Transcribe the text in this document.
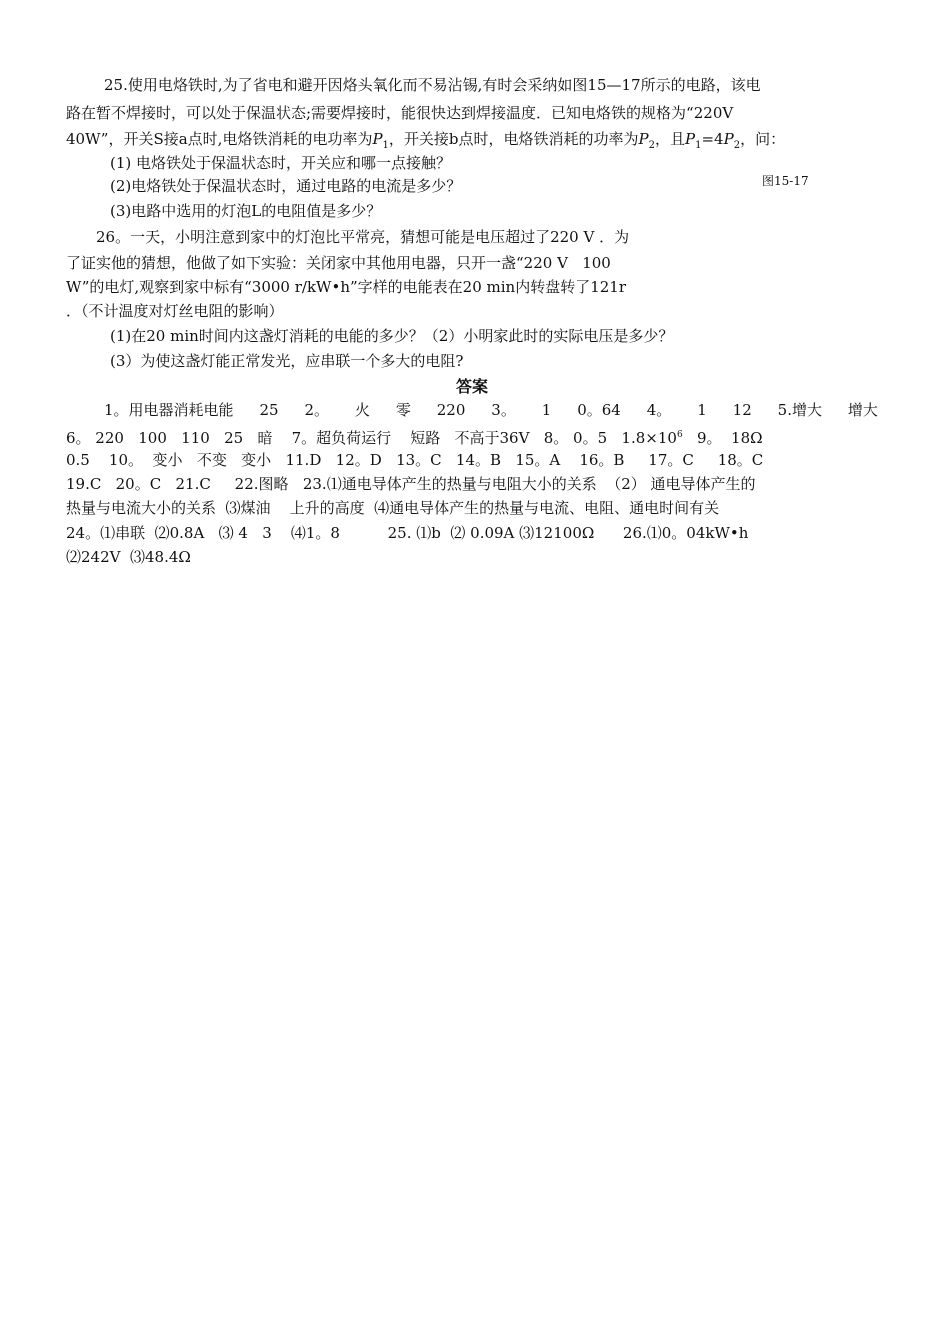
25.使用电烙铁时,为了省电和避开因烙头氧化而不易沾锡,有时会采纳如图15—17所示的电路，该电
路在暂不焊接时，可以处于保温状态;需要焊接时，能很快达到焊接温度．已知电烙铁的规格为“220V
40W”，开关S接a点时,电烙铁消耗的电功率为$P_1$，开关接b点时，电烙铁消耗的功率为$P_2$，且$P_1=4P_2$，问：
(1) 电烙铁处于保温状态时，开关应和哪一点接触？
图15-17
(2)电烙铁处于保温状态时，通过电路的电流是多少？
(3)电路中选用的灯泡L的电阻值是多少？
26。一天，小明注意到家中的灯泡比平常亮，猜想可能是电压超过了220 V ．为
了证实他的猜想，他做了如下实验：关闭家中其他用电器，只开一盏“220 V   100
W”的电灯,观察到家中标有“3000 r/kW•h”字样的电能表在20 min内转盘转了121r
．（不计温度对灯丝电阻的影响）
(1)在20 min时间内这盏灯消耗的电能的多少？（2）小明家此时的实际电压是多少？
(3）为使这盏灯能正常发光，应串联一个多大的电阻?
答案
1。用电器消耗电能 25 2。 火 零 220 3。 1 0。64 4。 1 12 5.增大 增大
6。 220   100   110   25   暗    7。超负荷运行    短路   不高于36V   8。 0。5   $1.8\times 10^6$   9。  18Ω
0.5    10。  变小   不变   变小   11.D   12。D   13。C   14。B   15。A    16。B     17。C     18。C
19.C   20。C   21.C     22.图略   23.⑴通电导体产生的热量与电阻大小的关系  （2） 通电导体产生的
热量与电流大小的关系  ⑶煤油    上升的高度  ⑷通电导体产生的热量与电流、电阻、通电时间有关
24。⑴串联  ⑵0.8A   ⑶ 4   3    ⑷1。8          25. ⑴b  ⑵ 0.09A ⑶12100Ω      26.⑴0。04kW•h
⑵242V  ⑶48.4Ω
